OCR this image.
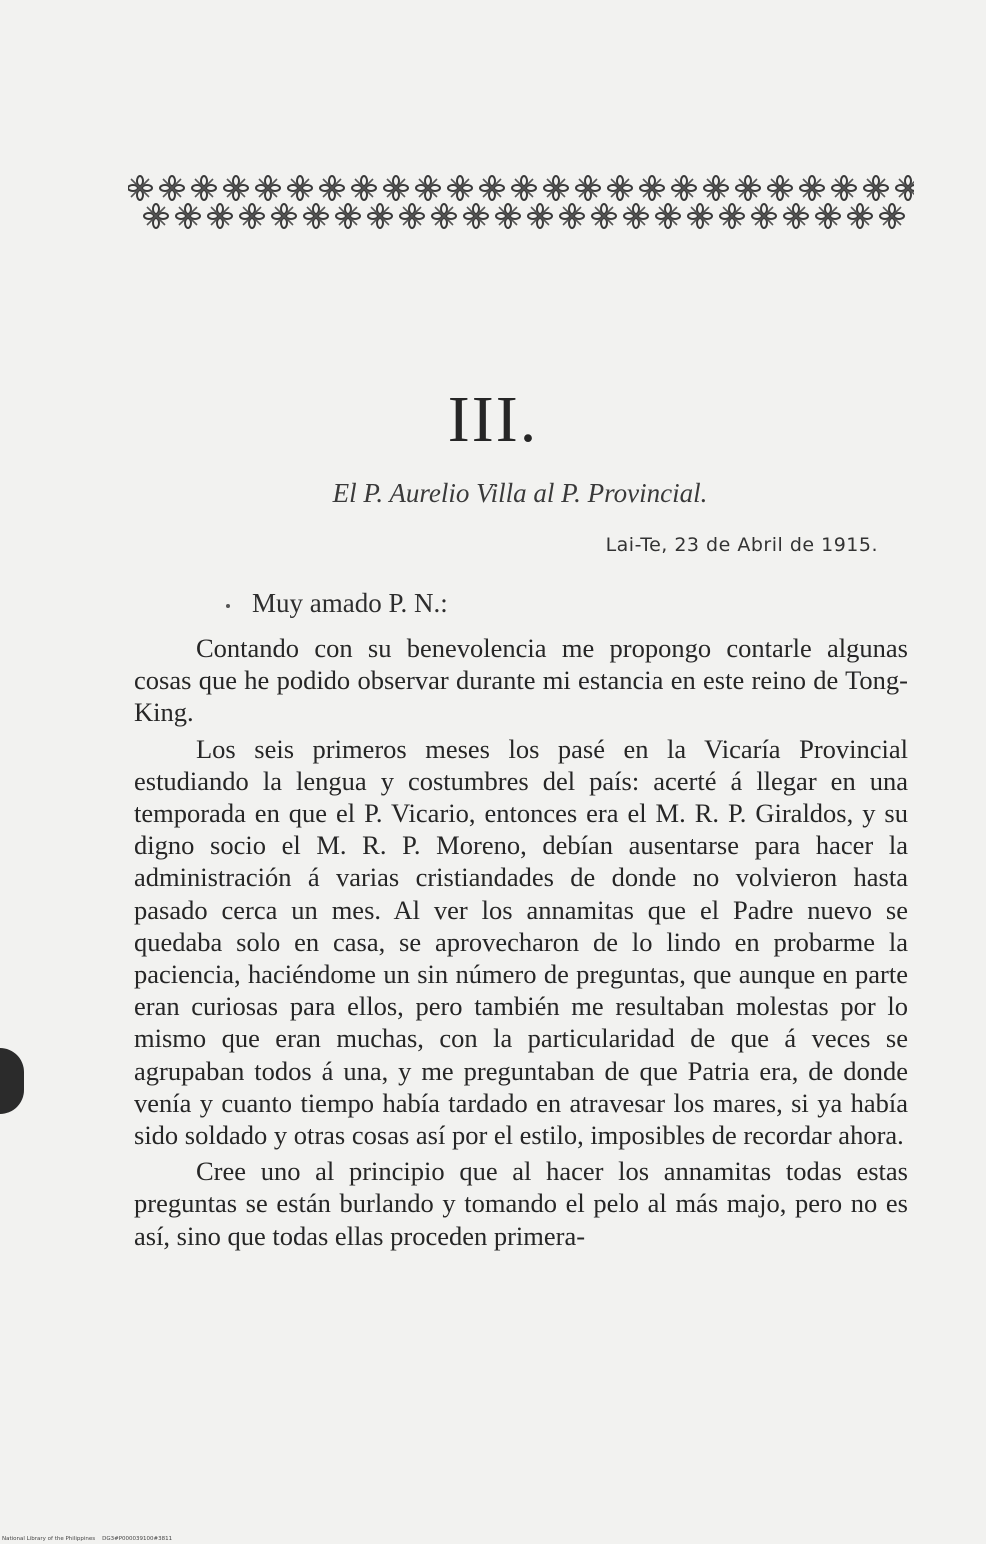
III.

El P. Aurelio Villa al P. Provincial.

Lai-Te, 23 de Abril de 1915.

Muy amado P. N.:

Contando con su benevolencia me propongo contarle algunas cosas que he podido observar durante mi estancia en este reino de Tong-King.

Los seis primeros meses los pasé en la Vicaría Provincial estudiando la lengua y costumbres del país: acerté á llegar en una temporada en que el P. Vicario, entonces era el M. R. P. Giraldos, y su digno socio el M. R. P. Moreno, debían ausentarse para hacer la administración á varias cristiandades de donde no volvieron hasta pasado cerca un mes. Al ver los annamitas que el Padre nuevo se quedaba solo en casa, se aprovecharon de lo lindo en probarme la paciencia, haciéndome un sin número de preguntas, que aunque en parte eran curiosas para ellos, pero también me resultaban molestas por lo mismo que eran muchas, con la particularidad de que á veces se agrupaban todos á una, y me preguntaban de que Patria era, de donde venía y cuanto tiempo había tardado en atravesar los mares, si ya había sido soldado y otras cosas así por el estilo, imposibles de recordar ahora.

Cree uno al principio que al hacer los annamitas todas estas preguntas se están burlando y tomando el pelo al más majo, pero no es así, sino que todas ellas proceden primera-

National Library of the Philippines    DG3#P000039100#3811
